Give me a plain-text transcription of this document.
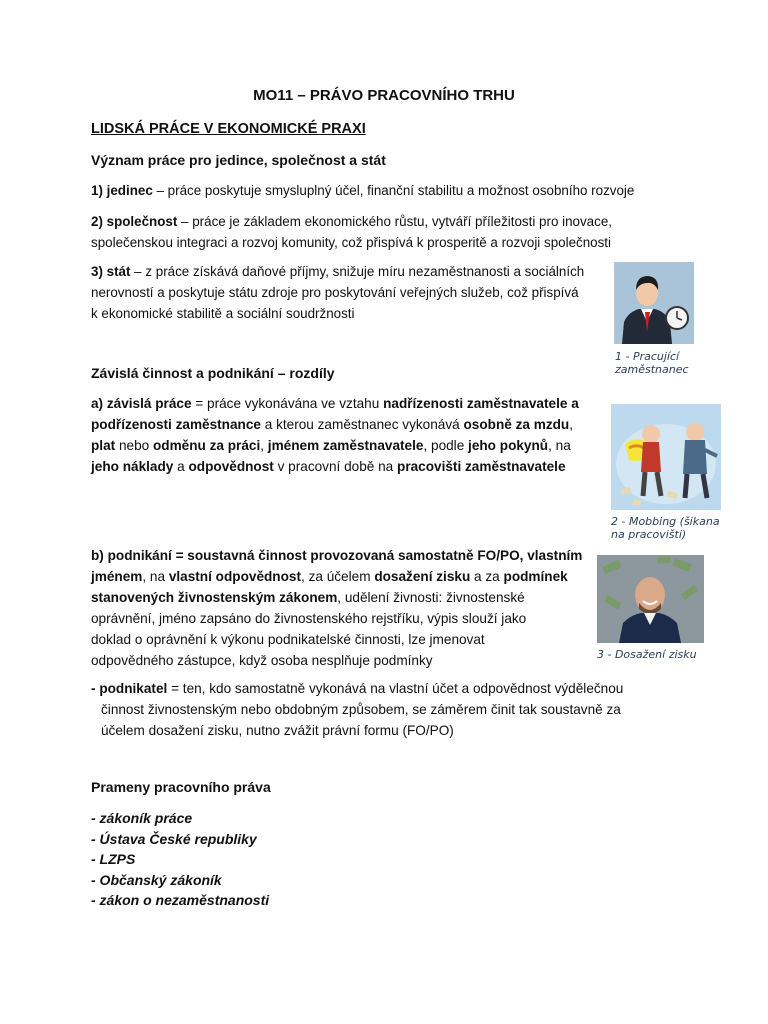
MO11 – PRÁVO PRACOVNÍHO TRHU
LIDSKÁ PRÁCE V EKONOMICKÉ PRAXI
Význam práce pro jedince, společnost a stát
1) jedinec – práce poskytuje smysluplný účel, finanční stabilitu a možnost osobního rozvoje
2) společnost – práce je základem ekonomického růstu, vytváří příležitosti pro inovace,
společenskou integraci a rozvoj komunity, což přispívá k prosperitě a rozvoji společnosti
3) stát – z práce získává daňové příjmy, snižuje míru nezaměstnanosti a sociálních
nerovností a poskytuje státu zdroje pro poskytování veřejných služeb, což přispívá
k ekonomické stabilitě a sociální soudržnosti
1 - Pracující
zaměstnanec
Závislá činnost a podnikání – rozdíly
a) závislá práce = práce vykonávána ve vztahu nadřízenosti zaměstnavatele a
podřízenosti zaměstnance a kterou zaměstnanec vykonává osobně za mzdu,
plat nebo odměnu za práci, jménem zaměstnavatele, podle jeho pokynů, na
jeho náklady a odpovědnost v pracovní době na pracovišti zaměstnavatele
2 - Mobbing (šikana
na pracovišti)
b) podnikání = soustavná činnost provozovaná samostatně FO/PO, vlastním
jménem, na vlastní odpovědnost, za účelem dosažení zisku a za podmínek
stanovených živnostenským zákonem, udělení živnosti: živnostenské
oprávnění, jméno zapsáno do živnostenského rejstříku, výpis slouží jako
doklad o oprávnění k výkonu podnikatelské činnosti, lze jmenovat
odpovědného zástupce, když osoba nesplňuje podmínky	3 - Dosažení zisku
- podnikatel = ten, kdo samostatně vykonává na vlastní účet a odpovědnost výdělečnou
činnost živnostenským nebo obdobným způsobem, se záměrem činit tak soustavně za
účelem dosažení zisku, nutno zvážit právní formu (FO/PO)
Prameny pracovního práva
- zákoník práce
- Ústava České republiky
- LZPS
- Občanský zákoník
- zákon o nezaměstnanosti
